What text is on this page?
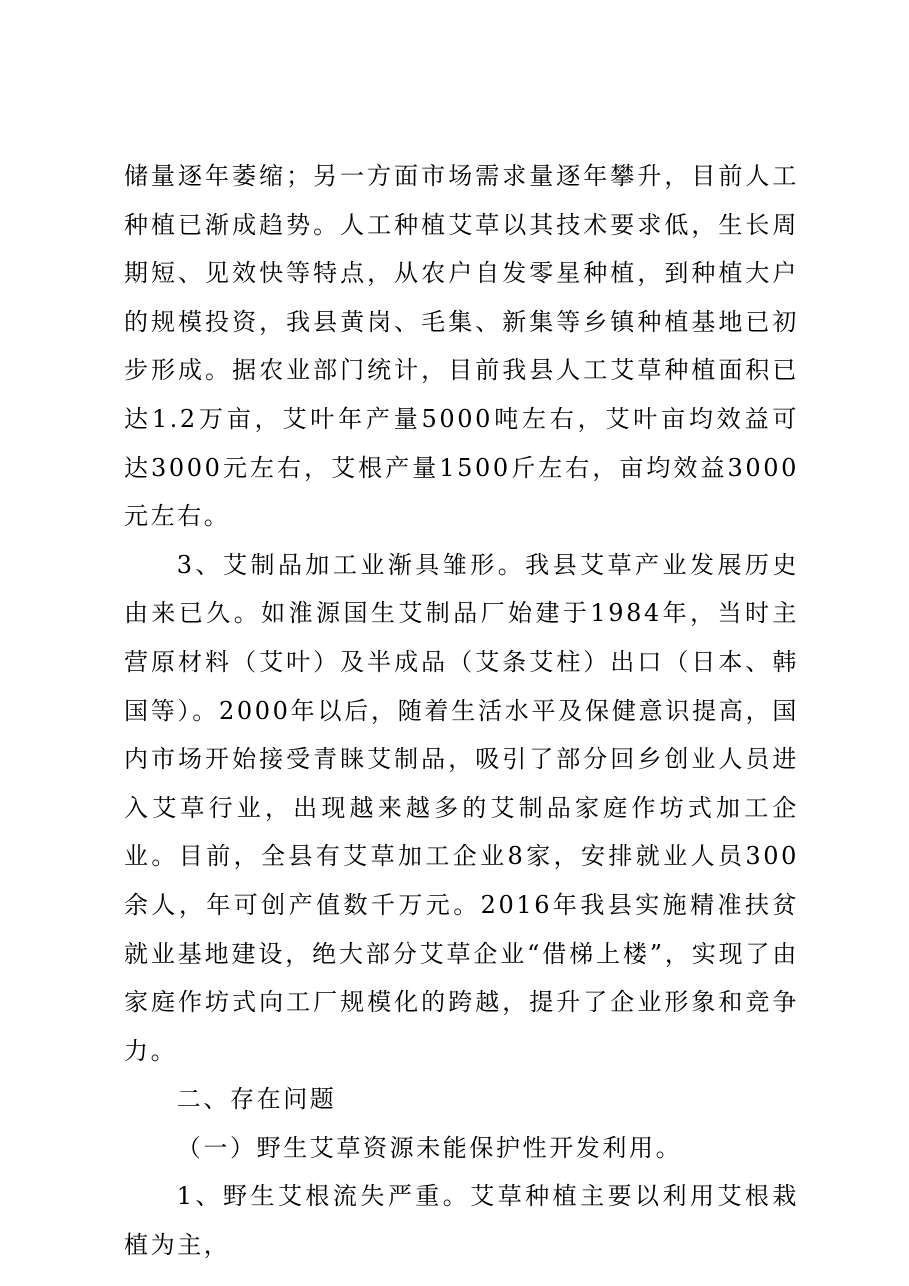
储量逐年萎缩；另一方面市场需求量逐年攀升，目前人工种植已渐成趋势。人工种植艾草以其技术要求低，生长周期短、见效快等特点，从农户自发零星种植，到种植大户的规模投资，我县黄岗、毛集、新集等乡镇种植基地已初步形成。据农业部门统计，目前我县人工艾草种植面积已达1.2万亩，艾叶年产量5000吨左右，艾叶亩均效益可达3000元左右，艾根产量1500斤左右，亩均效益3000元左右。

3、艾制品加工业渐具雏形。我县艾草产业发展历史由来已久。如淮源国生艾制品厂始建于1984年，当时主营原材料（艾叶）及半成品（艾条艾柱）出口（日本、韩国等）。2000年以后，随着生活水平及保健意识提高，国内市场开始接受青睐艾制品，吸引了部分回乡创业人员进入艾草行业，出现越来越多的艾制品家庭作坊式加工企业。目前，全县有艾草加工企业8家，安排就业人员300余人，年可创产值数千万元。2016年我县实施精准扶贫就业基地建设，绝大部分艾草企业“借梯上楼”，实现了由家庭作坊式向工厂规模化的跨越，提升了企业形象和竞争力。

二、存在问题

（一）野生艾草资源未能保护性开发利用。

1、野生艾根流失严重。艾草种植主要以利用艾根栽植为主，
